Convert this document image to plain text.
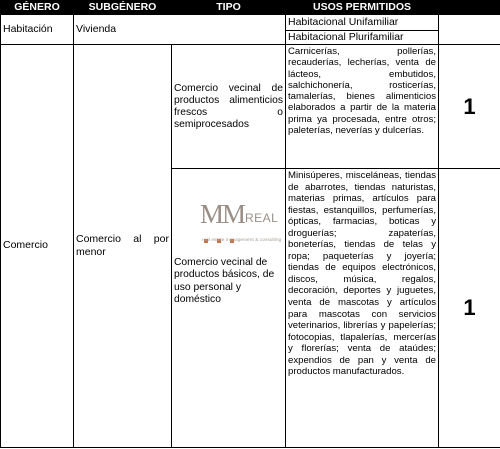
GÉNERO	SUBGÉNERO	TIPO	USOS PERMITIDOS	
Habitación	Vivienda		Habitacional Unifamiliar	
			Habitacional Plurifamiliar	
Comercio	Comercio al por menor	Comercio vecinal de productos alimenticios frescos o semiprocesados	Carnicerías, pollerías, recauderías, lecherías, venta de lácteos, embutidos, salchichonería, rosticerías, tamalerías, bienes alimenticios elaborados a partir de la materia prima ya procesada, entre otros; paleterías, neverías y dulcerías.	1

		Comercio vecinal de productos básicos, de uso personal y doméstico	Minisúperes, misceláneas, tiendas de abarrotes, tiendas naturistas, materias primas, artículos para fiestas, estanquillos, perfumerías, ópticas, farmacias, boticas y droguerías; zapaterías, boneterías, tiendas de telas y ropa; paqueterías y joyería; tiendas de equipos electrónicos, discos, música, regalos, decoración, deportes y juguetes, venta de mascotas y artículos para mascotas con servicios veterinarios, librerías y papelerías; fotocopias, tlapalerías, mercerías y florerías; venta de ataúdes; expendios de pan y venta de productos manufacturados.	1
MM REAL
real estate management & consulting
